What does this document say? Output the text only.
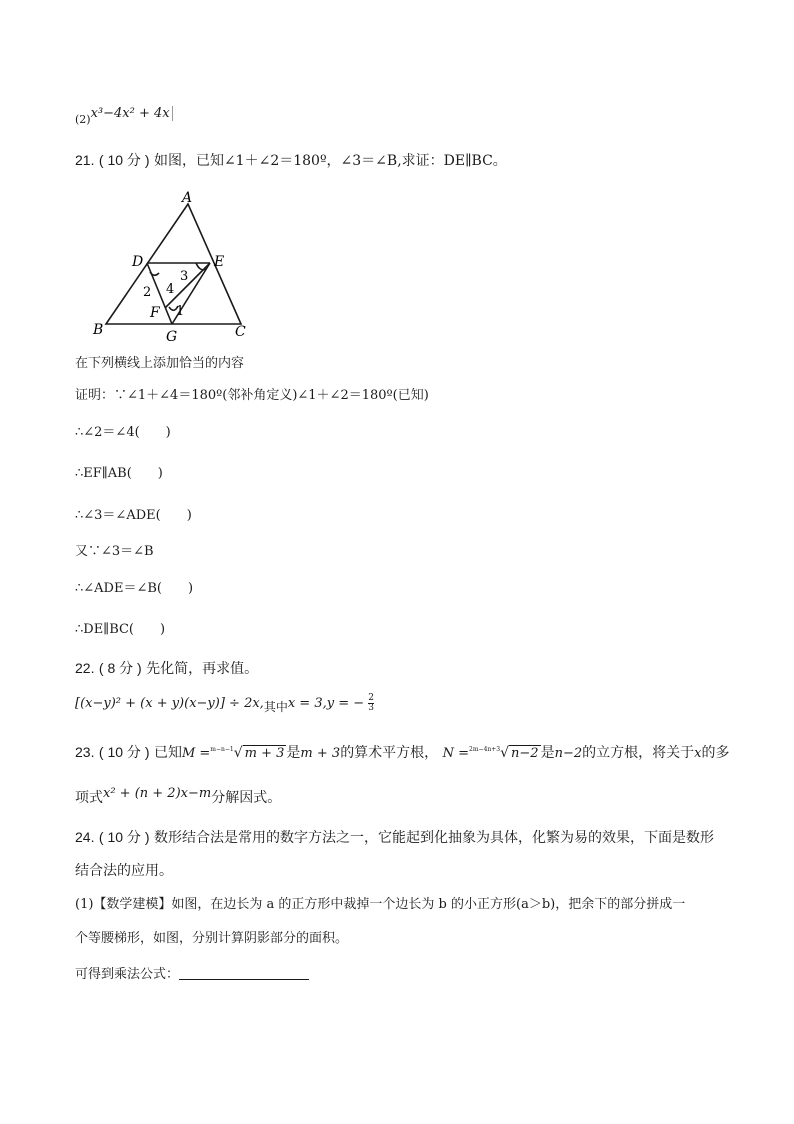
$_{(2)}$x³−4x² + 4x
21. ( 10 分 ) 如图，已知∠1＋∠2＝180º，∠3＝∠B,求证：DE∥BC。
A
D	E
B	C
G
F
2 4
3
1
在下列横线上添加恰当的内容
证明：∵∠1＋∠4＝180º(邻补角定义)∠1＋∠2＝180º(已知)
∴∠2＝∠4(　　)
∴EF∥AB(　　)
∴∠3＝∠ADE(　　)
又∵∠3＝∠B
∴∠ADE＝∠B(　　)
∴DE∥BC(　　)
22. ( 8 分 ) 先化简，再求值。
[(x−y)² + (x + y)(x−y)] ÷ 2x,其中x = 3,y = − $\frac{2}{3}$
23. ( 10 分 ) 已知M =$^{m-n-1}$√ m + 3 是m + 3的算术平方根， N =$^{2m-4n+3}$√ n−2 是n−2的立方根，将关于x的多
项式x² + (n + 2)x−m分解因式。
24. ( 10 分 ) 数形结合法是常用的数字方法之一，它能起到化抽象为具体，化繁为易的效果，下面是数形
结合法的应用。
(1)【数学建模】如图，在边长为 a 的正方形中裁掉一个边长为 b 的小正方形(a＞b)，把余下的部分拼成一
个等腰梯形，如图，分别计算阴影部分的面积。
可得到乘法公式：
